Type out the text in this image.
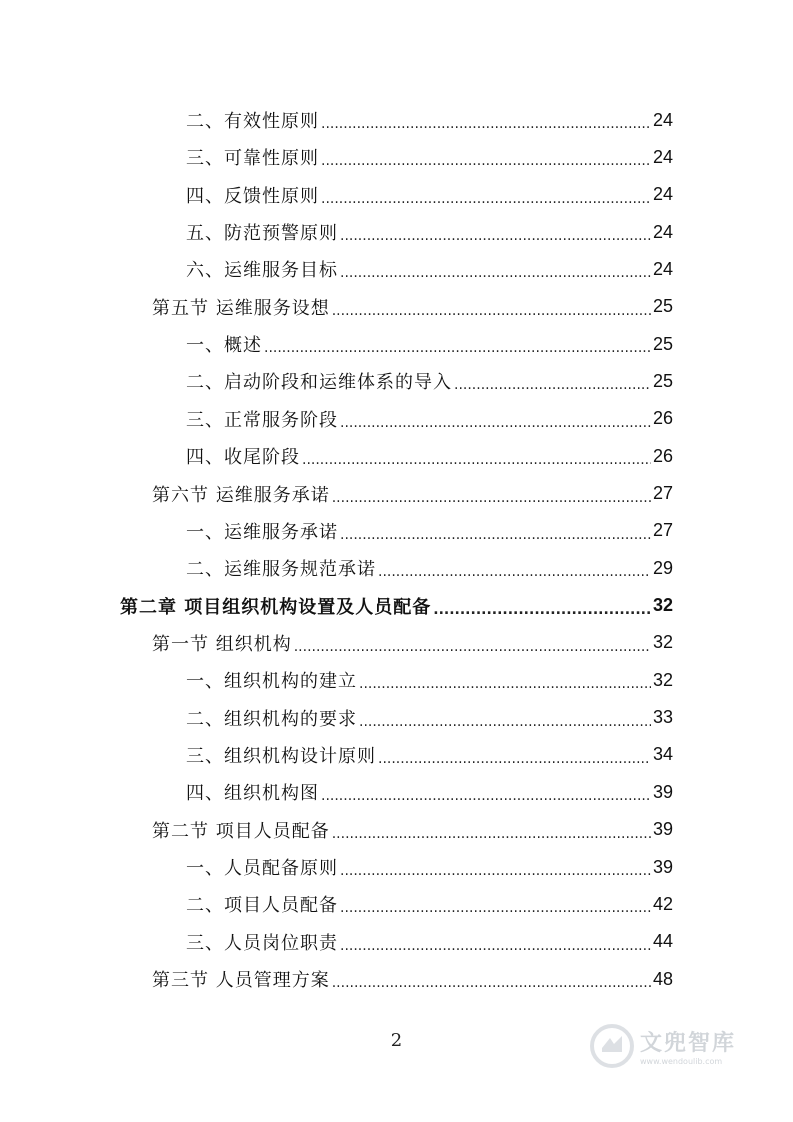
二、有效性原则 .....	24
三、可靠性原则 .....	24
四、反馈性原则 .....	24
五、防范预警原则 .....	24
六、运维服务目标 .....	24
第五节 运维服务设想 .....	25
一、概述 .....	25
二、启动阶段和运维体系的导入 .....	25
三、正常服务阶段 .....	26
四、收尾阶段 .....	26
第六节 运维服务承诺 .....	27
一、运维服务承诺 .....	27
二、运维服务规范承诺 .....	29
第二章 项目组织机构设置及人员配备 .....	32
第一节 组织机构 .....	32
一、组织机构的建立 .....	32
二、组织机构的要求 .....	33
三、组织机构设计原则 .....	34
四、组织机构图 .....	39
第二节 项目人员配备 .....	39
一、人员配备原则 .....	39
二、项目人员配备 .....	42
三、人员岗位职责 .....	44
第三节 人员管理方案 .....	48
2	文兜智库
www.wendoulib.com
